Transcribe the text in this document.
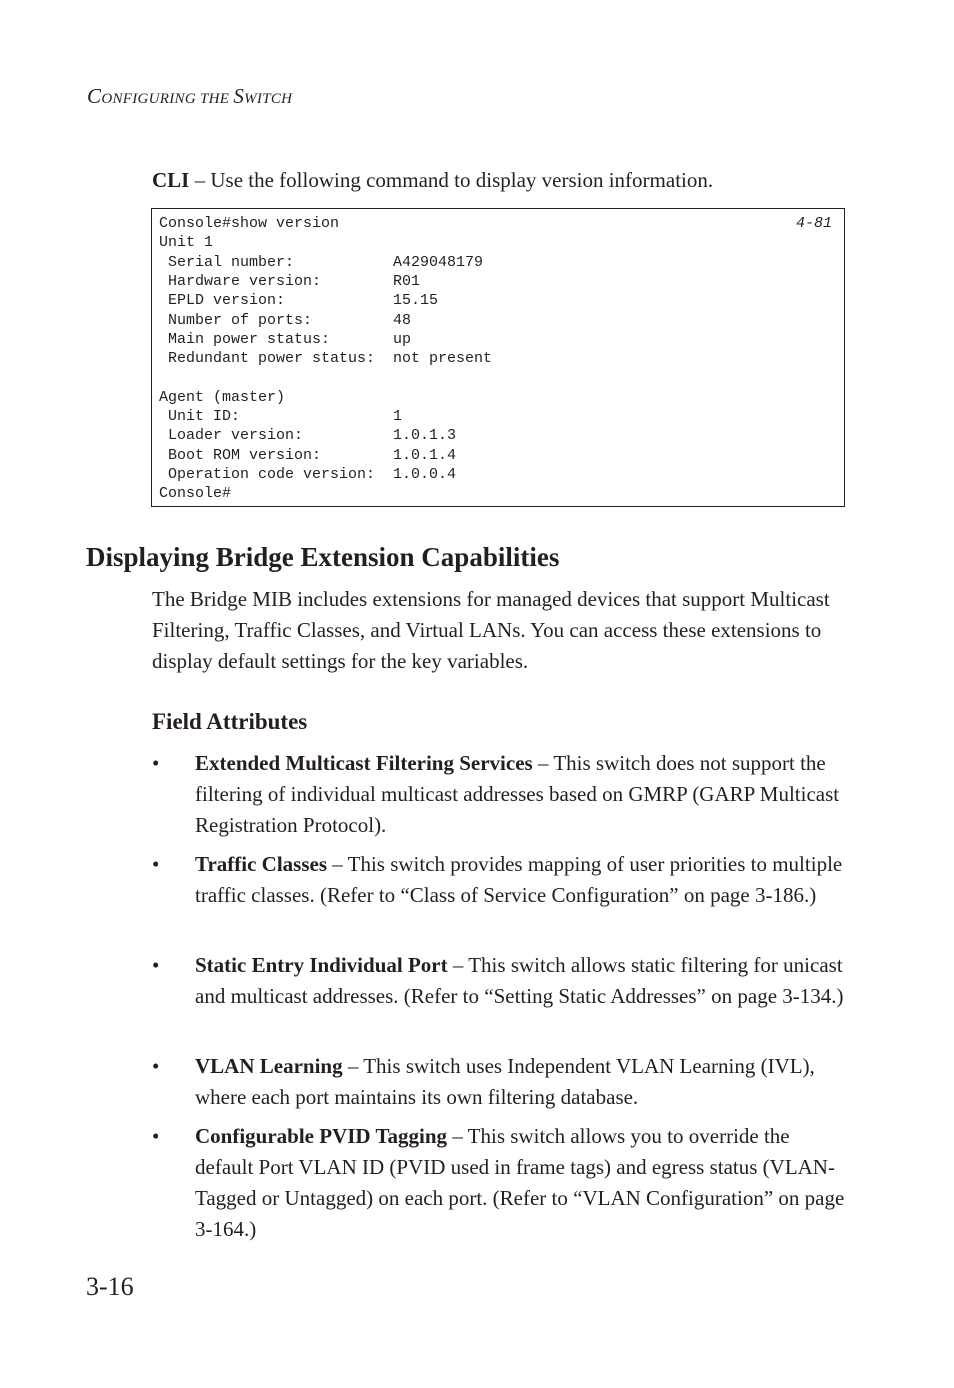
CONFIGURING THE SWITCH
CLI – Use the following command to display version information.
4-81
Console#show version
Unit 1
Serial number:           A429048179
Hardware version:        R01
EPLD version:            15.15
Number of ports:         48
Main power status:       up
Redundant power status:  not present
Agent (master)
Unit ID:                 1
Loader version:          1.0.1.3
Boot ROM version:        1.0.1.4
Operation code version:  1.0.0.4
Console#
Displaying Bridge Extension Capabilities
The Bridge MIB includes extensions for managed devices that support Multicast Filtering, Traffic Classes, and Virtual LANs. You can access these extensions to display default settings for the key variables.
Field Attributes
• Extended Multicast Filtering Services – This switch does not support the filtering of individual multicast addresses based on GMRP (GARP Multicast Registration Protocol).
• Traffic Classes – This switch provides mapping of user priorities to multiple traffic classes. (Refer to “Class of Service Configuration” on page 3-186.)
• Static Entry Individual Port – This switch allows static filtering for unicast and multicast addresses. (Refer to “Setting Static Addresses” on page 3-134.)
• VLAN Learning – This switch uses Independent VLAN Learning (IVL), where each port maintains its own filtering database.
• Configurable PVID Tagging – This switch allows you to override the default Port VLAN ID (PVID used in frame tags) and egress status (VLAN-Tagged or Untagged) on each port. (Refer to “VLAN Configuration” on page 3-164.)
3-16
